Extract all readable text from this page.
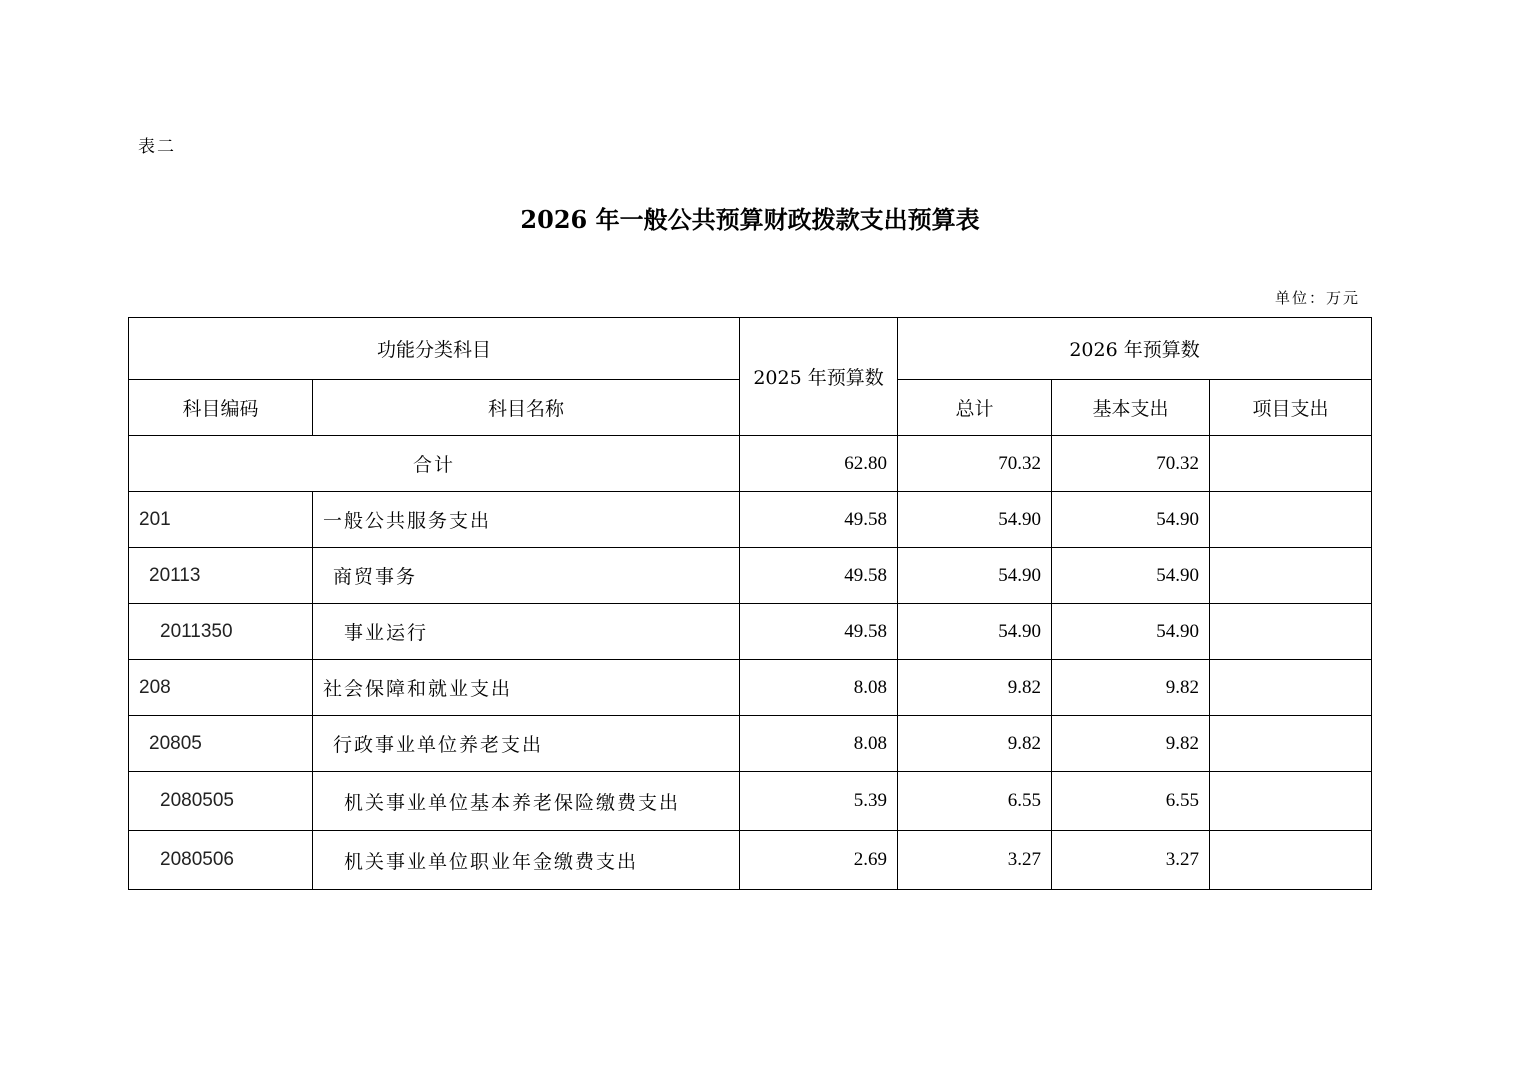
表二
2026 年一般公共预算财政拨款支出预算表
单位：万元
功能分类科目		2025 年预算数	2026 年预算数		
科目编码	科目名称		总计	基本支出	项目支出
合计		62.80	70.32	70.32	
201	一般公共服务支出	49.58	54.90	54.90	
20113	商贸事务	49.58	54.90	54.90	
2011350	事业运行	49.58	54.90	54.90	
208	社会保障和就业支出	8.08	9.82	9.82	
20805	行政事业单位养老支出	8.08	9.82	9.82	
2080505	机关事业单位基本养老保险缴费支出	5.39	6.55	6.55	
2080506	机关事业单位职业年金缴费支出	2.69	3.27	3.27	
